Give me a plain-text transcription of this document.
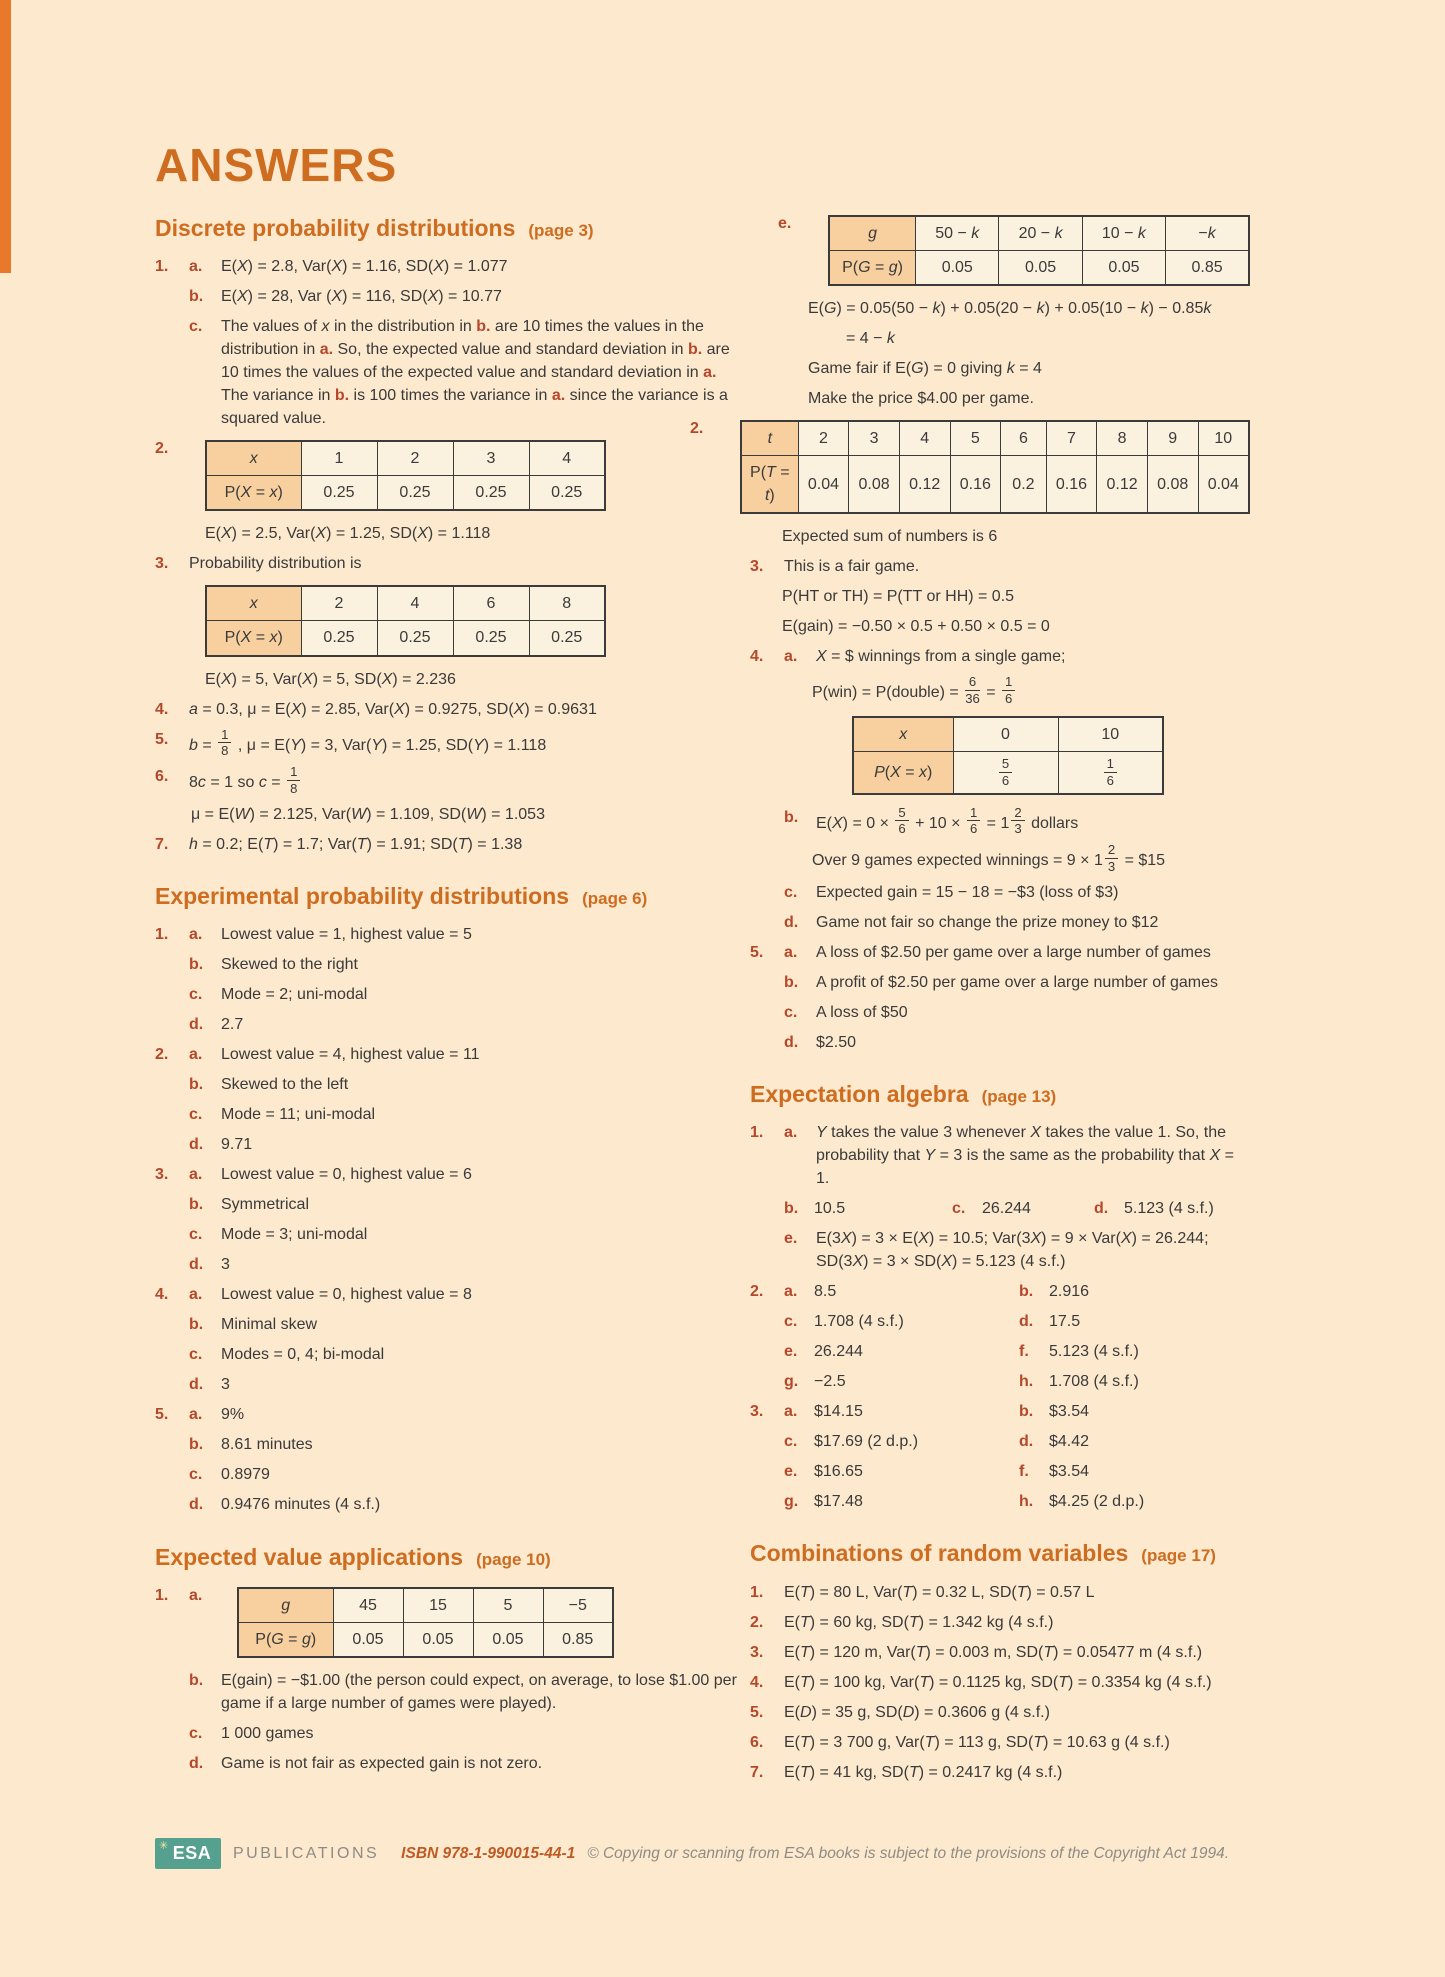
ANSWERS
Discrete probability distributions (page 3)
1.	a.	E(X) = 2.8, Var(X) = 1.16, SD(X) = 1.077
b.	E(X) = 28, Var (X) = 116, SD(X) = 10.77
c.	The values of x in the distribution in b. are 10 times the values in the distribution in a. So, the expected value and standard deviation in b. are 10 times the values of the expected value and standard deviation in a. The variance in b. is 100 times the variance in a. since the variance is a squared value.
2.
x	1	2	3	4
P(X = x)	0.25	0.25	0.25	0.25
E(X) = 2.5, Var(X) = 1.25, SD(X) = 1.118
3.	Probability distribution is
x	2	4	6	8
P(X = x)	0.25	0.25	0.25	0.25
E(X) = 5, Var(X) = 5, SD(X) = 2.236
4.	a = 0.3, μ = E(X) = 2.85, Var(X) = 0.9275, SD(X) = 0.9631
5.	$b = \frac{1}{8}$ , μ = E(Y) = 3, Var(Y) = 1.25, SD(Y) = 1.118
6.	8c = 1 so $c = \frac{1}{8}$
μ = E(W) = 2.125, Var(W) = 1.109, SD(W) = 1.053
7.	h = 0.2; E(T) = 1.7; Var(T) = 1.91; SD(T) = 1.38
Experimental probability distributions (page 6)
1.	a.	Lowest value = 1, highest value = 5
b.	Skewed to the right
c.	Mode = 2; uni-modal
d.	2.7
2.	a.	Lowest value = 4, highest value = 11
b.	Skewed to the left
c.	Mode = 11; uni-modal
d.	9.71
3.	a.	Lowest value = 0, highest value = 6
b.	Symmetrical
c.	Mode = 3; uni-modal
d.	3
4.	a.	Lowest value = 0, highest value = 8
b.	Minimal skew
c.	Modes = 0, 4; bi-modal
d.	3
5.	a.	9%
b.	8.61 minutes
c.	0.8979
d.	0.9476 minutes (4 s.f.)
Expected value applications (page 10)
1.	a.
g	45	15	5	−5
P(G = g)	0.05	0.05	0.05	0.85
b.	E(gain) = −$1.00 (the person could expect, on average, to lose $1.00 per game if a large number of games were played).
c.	1 000 games
d.	Game is not fair as expected gain is not zero.
e.
g	50 − k	20 − k	10 − k	−k
P(G = g)	0.05	0.05	0.05	0.85
E(G) = 0.05(50 − k) + 0.05(20 − k) + 0.05(10 − k) − 0.85k
= 4 − k
Game fair if E(G) = 0 giving k = 4
Make the price $4.00 per game.
2.
t	2	3	4	5	6	7	8	9	10
P(T = t)	0.04	0.08	0.12	0.16	0.2	0.16	0.12	0.08	0.04
Expected sum of numbers is 6
3.	This is a fair game.
P(HT or TH) = P(TT or HH) = 0.5
E(gain) = −0.50 × 0.5 + 0.50 × 0.5 = 0
4.	a.	X = $ winnings from a single game;
P(win) = P(double) = $\frac{6}{36} = \frac{1}{6}$
x	0	10
P(X = x)	$\frac{5}{6}$	$\frac{1}{6}$
b.	$E(X) = 0 \times \frac{5}{6} + 10 \times \frac{1}{6} = 1 \frac{2}{3}$ dollars
Over 9 games expected winnings = $9 \times 1 \frac{2}{3}$ = $15
c.	Expected gain = 15 − 18 = −$3 (loss of $3)
d.	Game not fair so change the prize money to $12
5.	a.	A loss of $2.50 per game over a large number of games
b.	A profit of $2.50 per game over a large number of games
c.	A loss of $50
d.	$2.50
Expectation algebra (page 13)
1.	a.	Y takes the value 3 whenever X takes the value 1. So, the probability that Y = 3 is the same as the probability that X = 1.
b. 10.5	c.	26.244	d. 5.123 (4 s.f.)
e.	E(3X) = 3 × E(X) = 10.5; Var(3X) = 9 × Var(X) = 26.244; SD(3X) = 3 × SD(X) = 5.123 (4 s.f.)
2.	a.	8.5	b. 2.916
c.	1.708 (4 s.f.)	d. 17.5
e.	26.244	f.	5.123 (4 s.f.)
g. −2.5	h. 1.708 (4 s.f.)
3.	a.	$14.15	b. $3.54
c.	$17.69 (2 d.p.)	d. $4.42
e.	$16.65	f.	$3.54
g. $17.48	h. $4.25 (2 d.p.)
Combinations of random variables (page 17)
1.	E(T) = 80 L, Var(T) = 0.32 L, SD(T) = 0.57 L
2.	E(T) = 60 kg, SD(T) = 1.342 kg (4 s.f.)
3.	E(T) = 120 m, Var(T) = 0.003 m, SD(T) = 0.05477 m (4 s.f.)
4.	E(T) = 100 kg, Var(T) = 0.1125 kg, SD(T) = 0.3354 kg (4 s.f.)
5.	E(D) = 35 g, SD(D) = 0.3606 g (4 s.f.)
6.	E(T) = 3 700 g, Var(T) = 113 g, SD(T) = 10.63 g (4 s.f.)
7.	E(T) = 41 kg, SD(T) = 0.2417 kg (4 s.f.)
✳ ESA PUBLICATIONS ISBN 978-1-990015-44-1 © Copying or scanning from ESA books is subject to the provisions of the Copyright Act 1994.
